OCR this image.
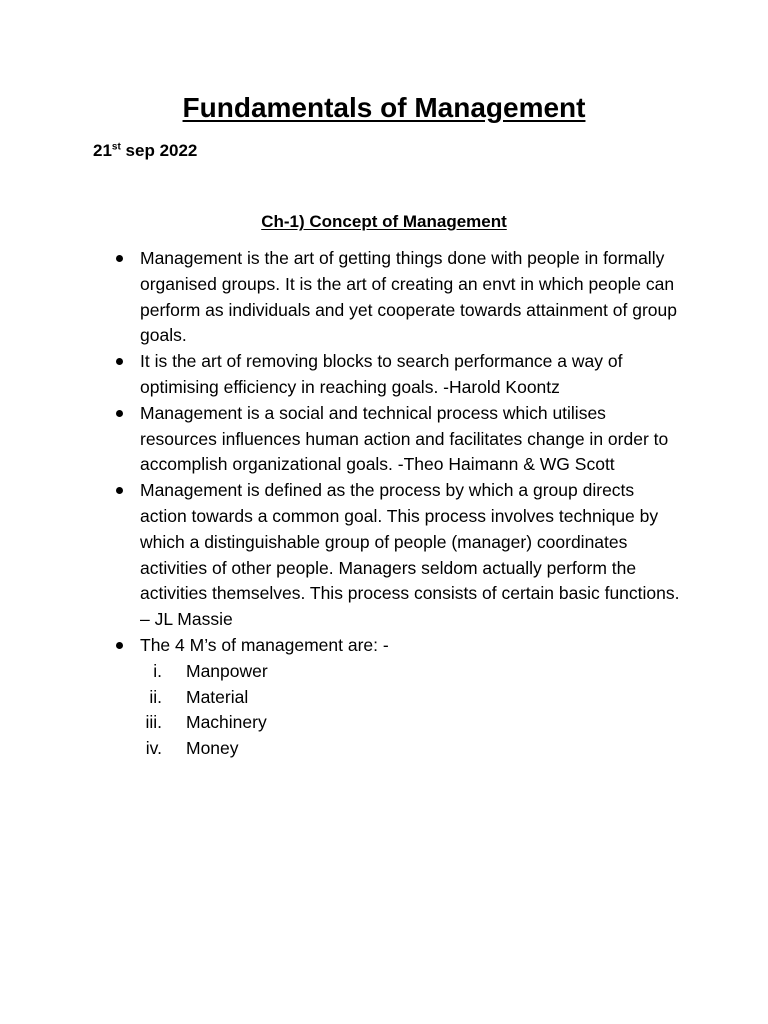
Fundamentals of Management
21st sep 2022
Ch-1) Concept of Management
Management is the art of getting things done with people in formally organised groups. It is the art of creating an envt in which people can perform as individuals and yet cooperate towards attainment of group goals.
It is the art of removing blocks to search performance a way of optimising efficiency in reaching goals. -Harold Koontz
Management is a social and technical process which utilises resources influences human action and facilitates change in order to accomplish organizational goals. -Theo Haimann & WG Scott
Management is defined as the process by which a group directs action towards a common goal. This process involves technique by which a distinguishable group of people (manager) coordinates activities of other people. Managers seldom actually perform the activities themselves. This process consists of certain basic functions. – JL Massie
The 4 M’s of management are: -
i. Manpower
ii. Material
iii. Machinery
iv. Money
